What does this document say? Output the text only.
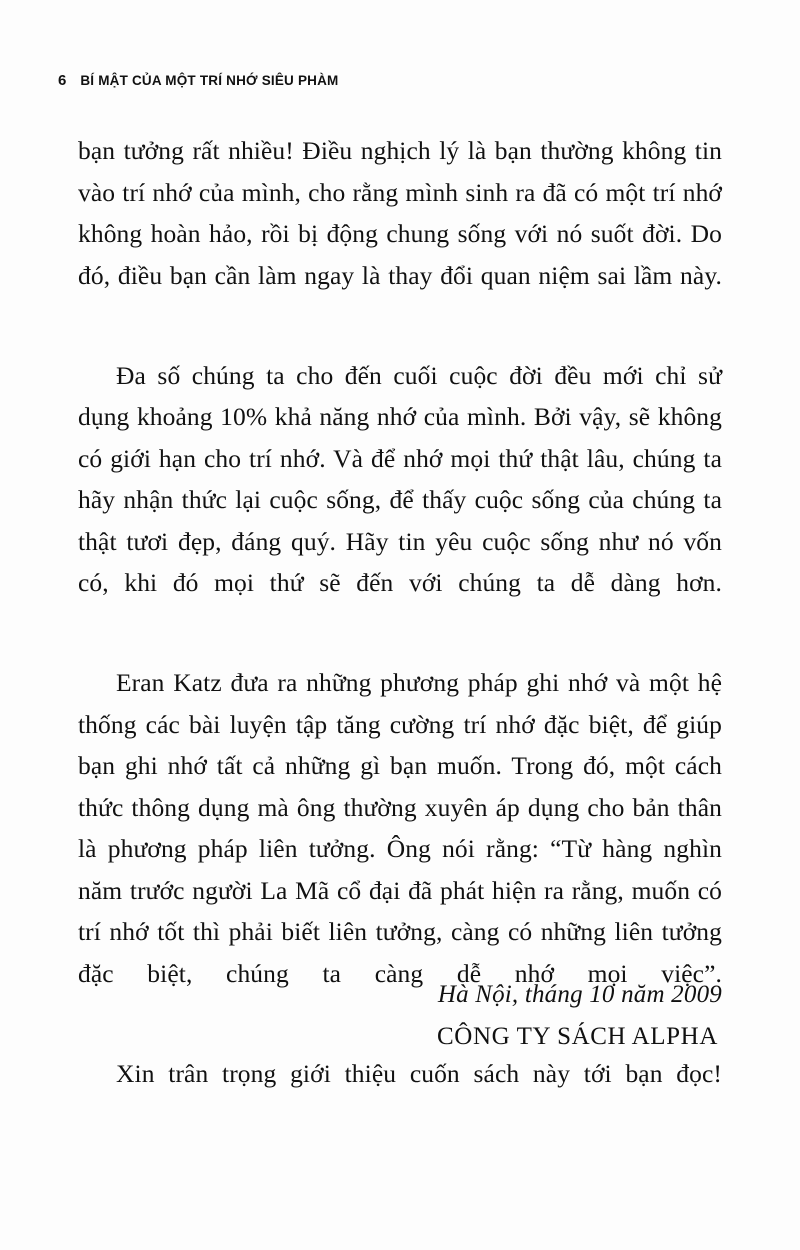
6 BÍ MẬT CỦA MỘT TRÍ NHỚ SIÊU PHÀM

bạn tưởng rất nhiều! Điều nghịch lý là bạn thường không tin vào trí nhớ của mình, cho rằng mình sinh ra đã có một trí nhớ không hoàn hảo, rồi bị động chung sống với nó suốt đời. Do đó, điều bạn cần làm ngay là thay đổi quan niệm sai lầm này.

Đa số chúng ta cho đến cuối cuộc đời đều mới chỉ sử dụng khoảng 10% khả năng nhớ của mình. Bởi vậy, sẽ không có giới hạn cho trí nhớ. Và để nhớ mọi thứ thật lâu, chúng ta hãy nhận thức lại cuộc sống, để thấy cuộc sống của chúng ta thật tươi đẹp, đáng quý. Hãy tin yêu cuộc sống như nó vốn có, khi đó mọi thứ sẽ đến với chúng ta dễ dàng hơn.

Eran Katz đưa ra những phương pháp ghi nhớ và một hệ thống các bài luyện tập tăng cường trí nhớ đặc biệt, để giúp bạn ghi nhớ tất cả những gì bạn muốn. Trong đó, một cách thức thông dụng mà ông thường xuyên áp dụng cho bản thân là phương pháp liên tưởng. Ông nói rằng: “Từ hàng nghìn năm trước người La Mã cổ đại đã phát hiện ra rằng, muốn có trí nhớ tốt thì phải biết liên tưởng, càng có những liên tưởng đặc biệt, chúng ta càng dễ nhớ mọi việc”.

Xin trân trọng giới thiệu cuốn sách này tới bạn đọc!

Hà Nội, tháng 10 năm 2009
CÔNG TY SÁCH ALPHA
